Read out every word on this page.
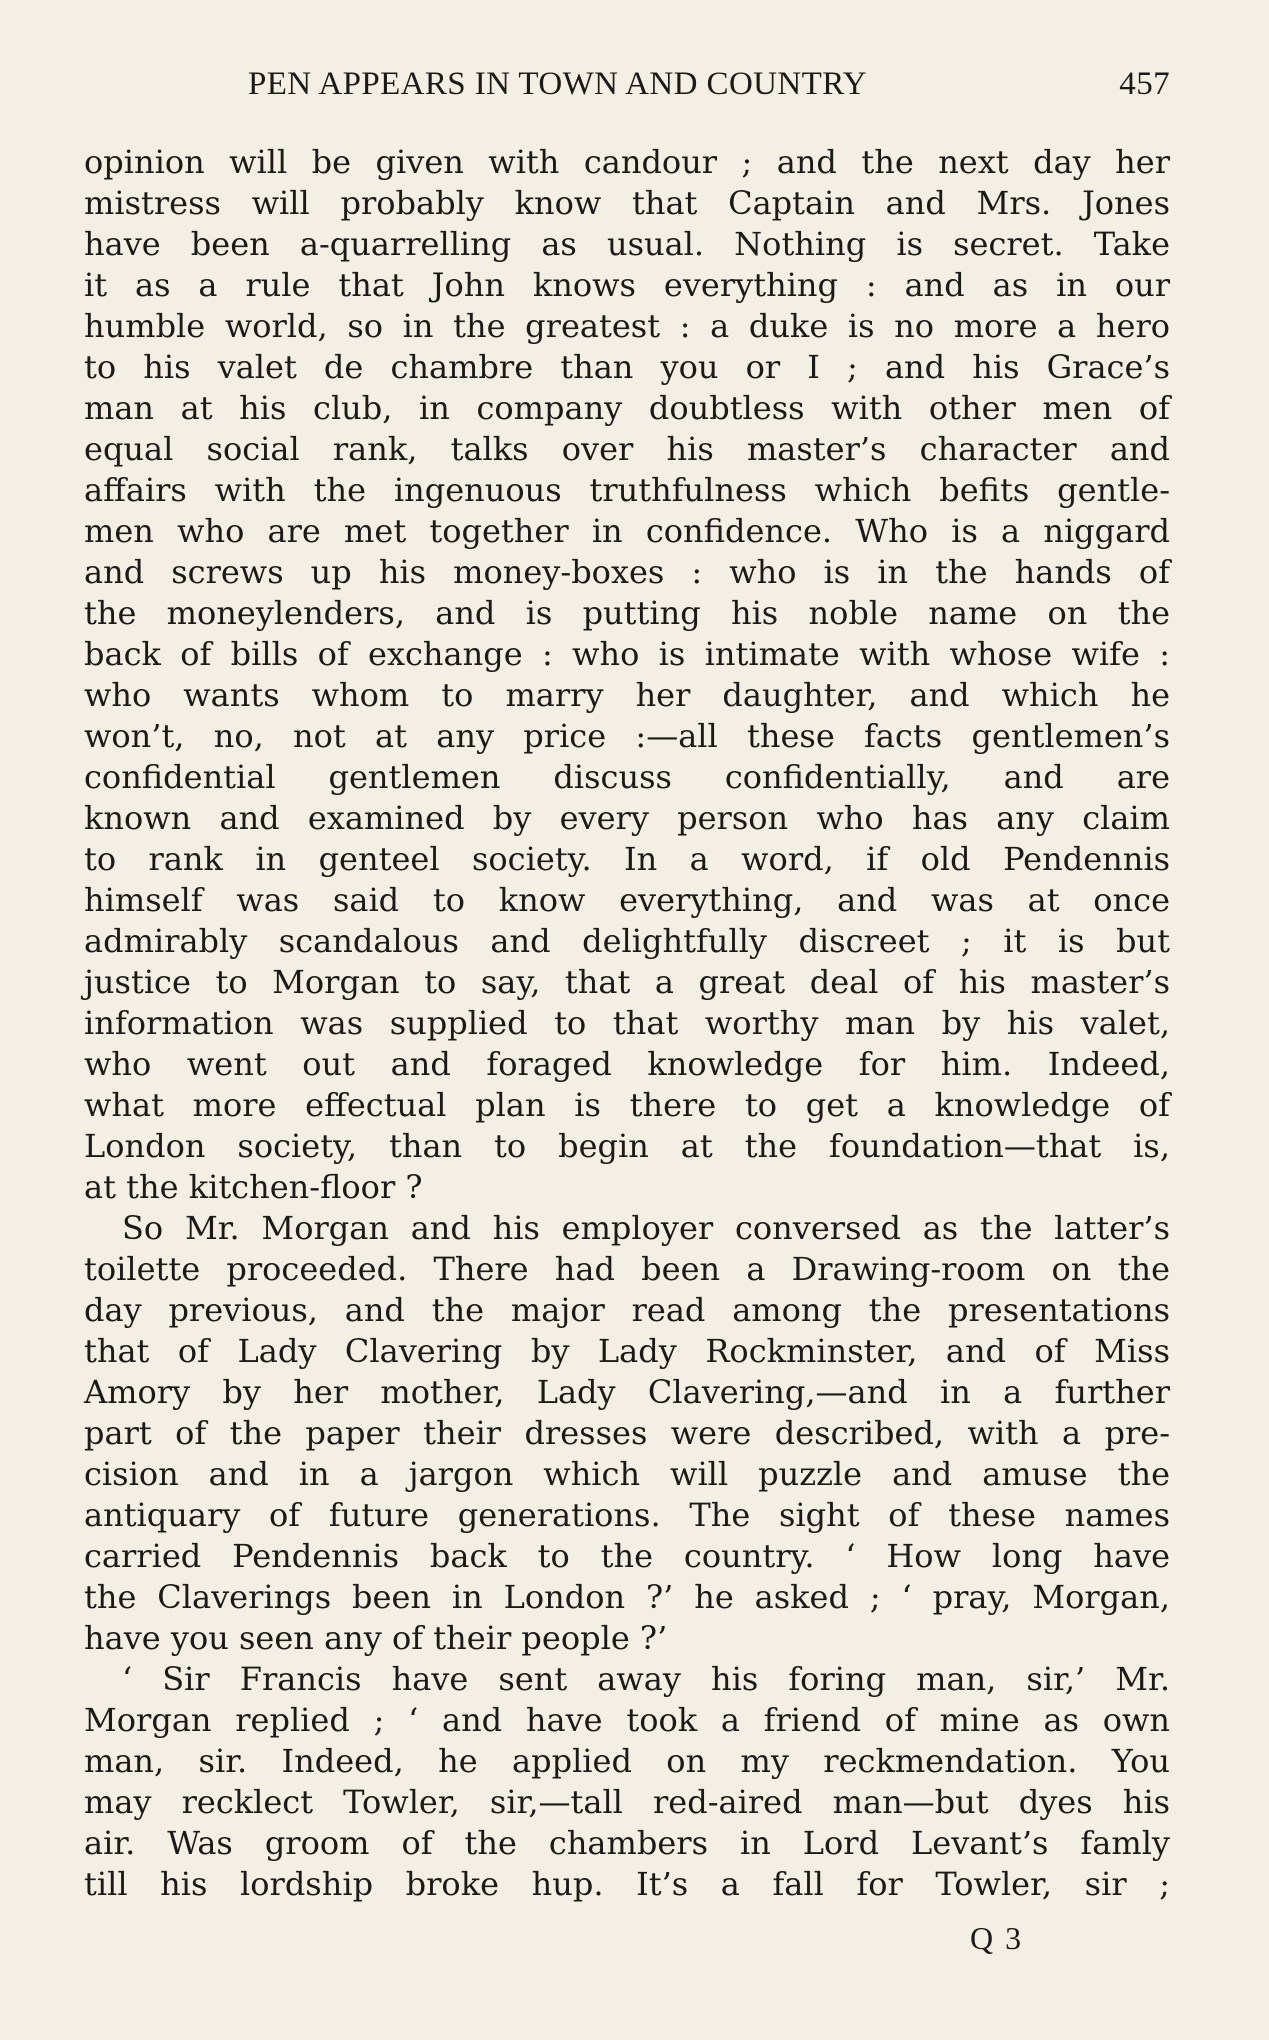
PEN APPEARS IN TOWN AND COUNTRY	457
opinion will be given with candour ; and the next day her
mistress will probably know that Captain and Mrs. Jones
have been a-quarrelling as usual. Nothing is secret. Take
it as a rule that John knows everything : and as in our
humble world, so in the greatest : a duke is no more a hero
to his valet de chambre than you or I ; and his Grace’s
man at his club, in company doubtless with other men of
equal social rank, talks over his master’s character and
affairs with the ingenuous truthfulness which befits gentle-
men who are met together in confidence. Who is a niggard
and screws up his money-boxes : who is in the hands of
the moneylenders, and is putting his noble name on the
back of bills of exchange : who is intimate with whose wife :
who wants whom to marry her daughter, and which he
won’t, no, not at any price :—all these facts gentlemen’s
confidential gentlemen discuss confidentially, and are
known and examined by every person who has any claim
to rank in genteel society. In a word, if old Pendennis
himself was said to know everything, and was at once
admirably scandalous and delightfully discreet ; it is but
justice to Morgan to say, that a great deal of his master’s
information was supplied to that worthy man by his valet,
who went out and foraged knowledge for him. Indeed,
what more effectual plan is there to get a knowledge of
London society, than to begin at the foundation—that is,
at the kitchen-floor ?
So Mr. Morgan and his employer conversed as the latter’s
toilette proceeded. There had been a Drawing-room on the
day previous, and the major read among the presentations
that of Lady Clavering by Lady Rockminster, and of Miss
Amory by her mother, Lady Clavering,—and in a further
part of the paper their dresses were described, with a pre-
cision and in a jargon which will puzzle and amuse the
antiquary of future generations. The sight of these names
carried Pendennis back to the country. ‘ How long have
the Claverings been in London ?’ he asked ; ‘ pray, Morgan,
have you seen any of their people ?’
‘ Sir Francis have sent away his foring man, sir,’ Mr.
Morgan replied ; ‘ and have took a friend of mine as own
man, sir. Indeed, he applied on my reckmendation. You
may recklect Towler, sir,—tall red-aired man—but dyes his
air. Was groom of the chambers in Lord Levant’s famly
till his lordship broke hup. It’s a fall for Towler, sir ;
Q 3
